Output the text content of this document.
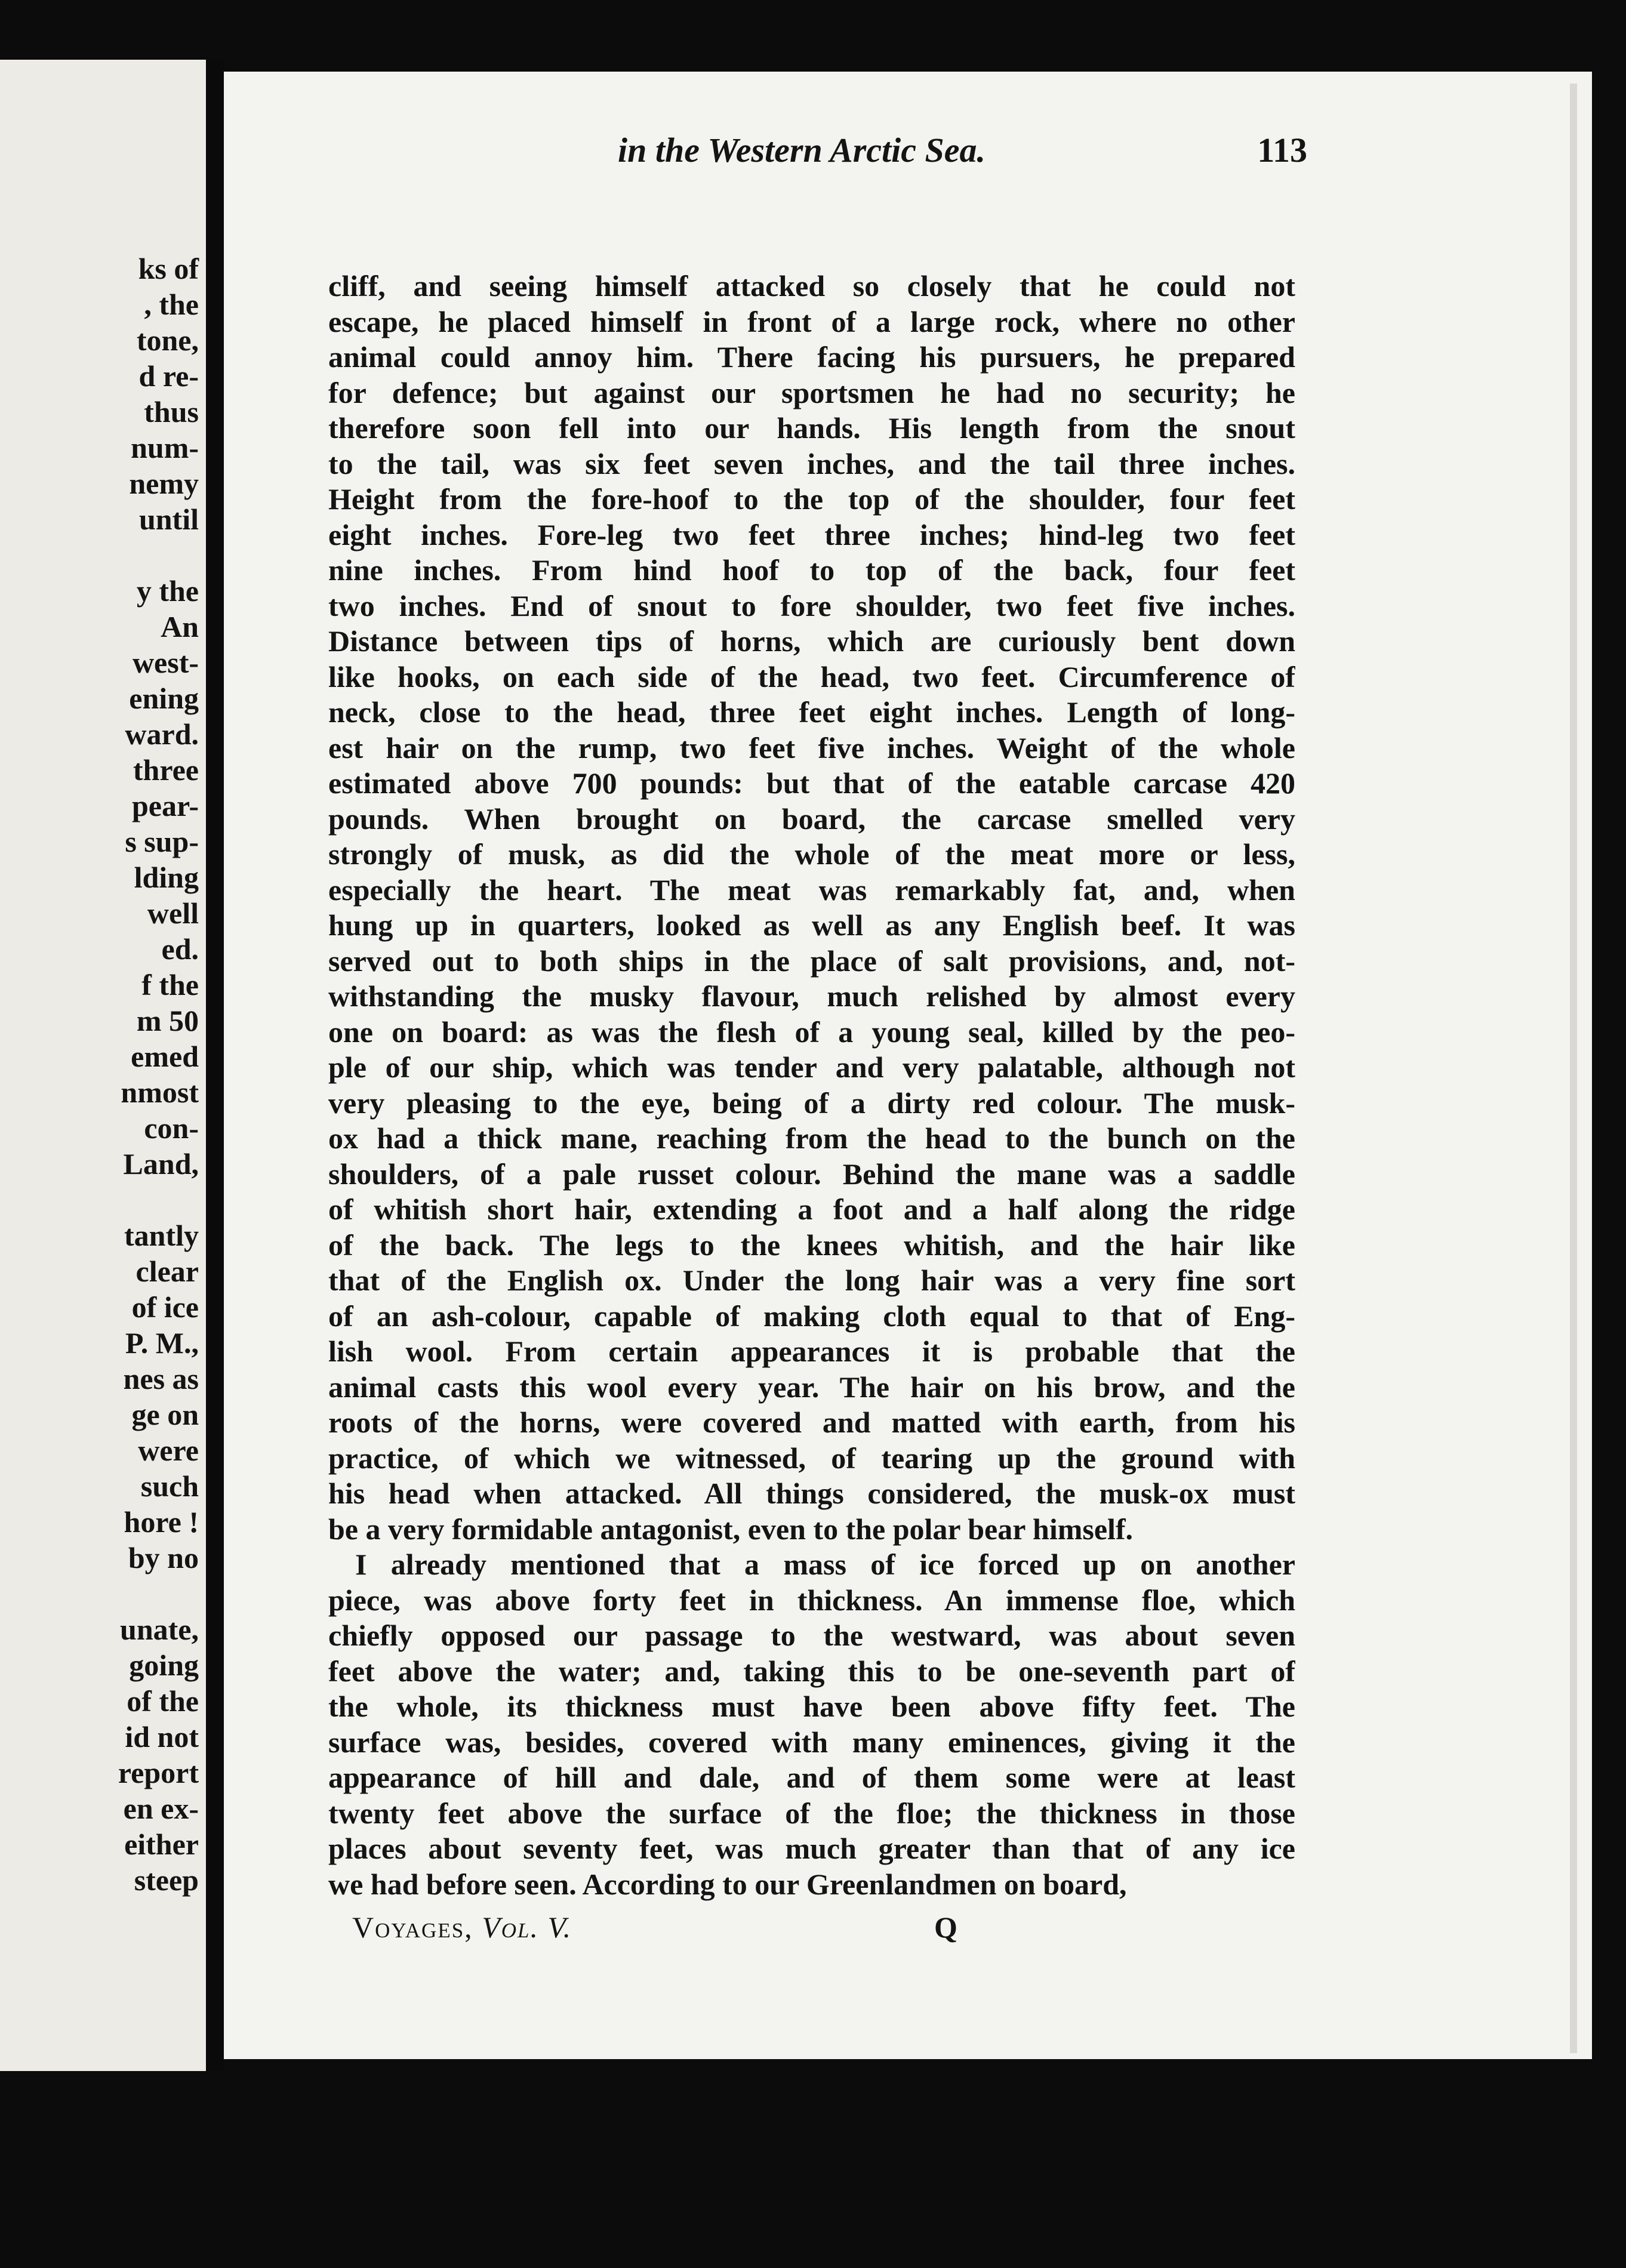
ks of
, the
tone,
d re-
thus
num-
nemy
until
y the
An
west-
ening
ward.
three
pear-
s sup-
lding
well
ed.
f the
m 50
emed
nmost
con-
Land,
tantly
clear
of ice
P. M.,
nes as
ge on
were
such
hore !
by no
unate,
going
of the
id not
report
en ex-
either
steep
in the Western Arctic Sea.	113
cliff, and seeing himself attacked so closely that he could not
escape, he placed himself in front of a large rock, where no other
animal could annoy him. There facing his pursuers, he prepared
for defence; but against our sportsmen he had no security; he
therefore soon fell into our hands. His length from the snout
to the tail, was six feet seven inches, and the tail three inches.
Height from the fore-hoof to the top of the shoulder, four feet
eight inches. Fore-leg two feet three inches; hind-leg two feet
nine inches. From hind hoof to top of the back, four feet
two inches. End of snout to fore shoulder, two feet five inches.
Distance between tips of horns, which are curiously bent down
like hooks, on each side of the head, two feet. Circumference of
neck, close to the head, three feet eight inches. Length of long-
est hair on the rump, two feet five inches. Weight of the whole
estimated above 700 pounds: but that of the eatable carcase 420
pounds. When brought on board, the carcase smelled very
strongly of musk, as did the whole of the meat more or less,
especially the heart. The meat was remarkably fat, and, when
hung up in quarters, looked as well as any English beef. It was
served out to both ships in the place of salt provisions, and, not-
withstanding the musky flavour, much relished by almost every
one on board: as was the flesh of a young seal, killed by the peo-
ple of our ship, which was tender and very palatable, although not
very pleasing to the eye, being of a dirty red colour. The musk-
ox had a thick mane, reaching from the head to the bunch on the
shoulders, of a pale russet colour. Behind the mane was a saddle
of whitish short hair, extending a foot and a half along the ridge
of the back. The legs to the knees whitish, and the hair like
that of the English ox. Under the long hair was a very fine sort
of an ash-colour, capable of making cloth equal to that of Eng-
lish wool. From certain appearances it is probable that the
animal casts this wool every year. The hair on his brow, and the
roots of the horns, were covered and matted with earth, from his
practice, of which we witnessed, of tearing up the ground with
his head when attacked. All things considered, the musk-ox must
be a very formidable antagonist, even to the polar bear himself.
I already mentioned that a mass of ice forced up on another
piece, was above forty feet in thickness. An immense floe, which
chiefly opposed our passage to the westward, was about seven
feet above the water; and, taking this to be one-seventh part of
the whole, its thickness must have been above fifty feet. The
surface was, besides, covered with many eminences, giving it the
appearance of hill and dale, and of them some were at least
twenty feet above the surface of the floe; the thickness in those
places about seventy feet, was much greater than that of any ice
we had before seen. According to our Greenlandmen on board,
Voyages, Vol. V.	Q
